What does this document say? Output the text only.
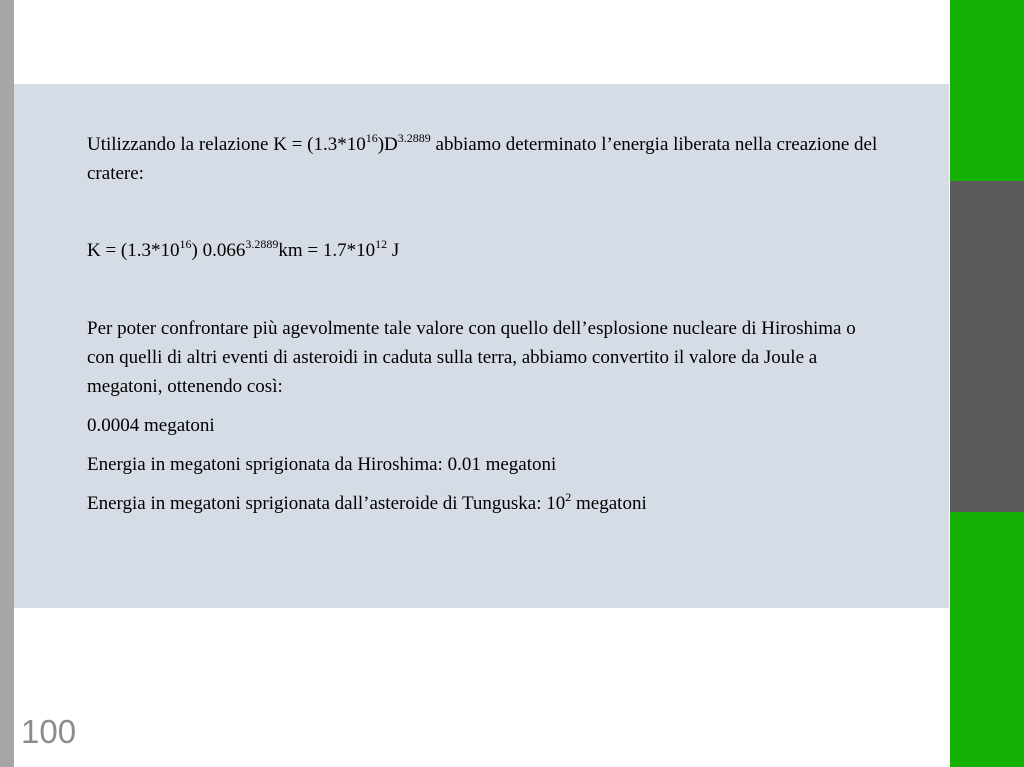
Utilizzando la relazione $K = (1.3*10^{16})D^{3.2889}$ abbiamo determinato l’energia liberata nella creazione del cratere:

$K = (1.3*10^{16}) 0.066^{3.2889}km = 1.7*10^{12}$ J

Per poter confrontare più agevolmente tale valore con quello dell’esplosione nucleare di Hiroshima o con quelli di altri eventi di asteroidi in caduta sulla terra, abbiamo convertito il valore da Joule a megatoni, ottenendo così:

0.0004 megatoni

Energia in megatoni sprigionata da Hiroshima: 0.01 megatoni

Energia in megatoni sprigionata dall’asteroide di Tunguska: $10^2$ megatoni

100
